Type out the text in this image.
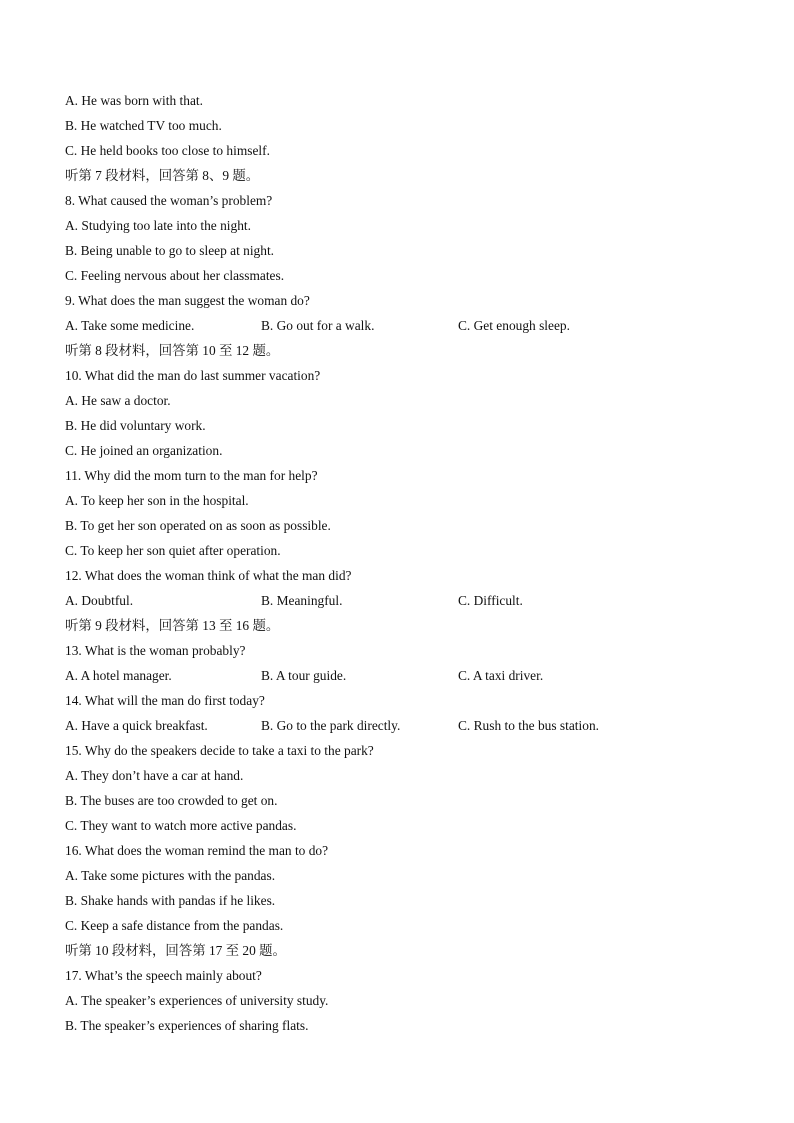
A. He was born with that.
B. He watched TV too much.
C. He held books too close to himself.
听第 7 段材料，回答第 8、9 题。
8. What caused the woman’s problem?
A. Studying too late into the night.
B. Being unable to go to sleep at night.
C. Feeling nervous about her classmates.
9. What does the man suggest the woman do?
A. Take some medicine.	B. Go out for a walk.	C. Get enough sleep.
听第 8 段材料，回答第 10 至 12 题。
10. What did the man do last summer vacation?
A. He saw a doctor.
B. He did voluntary work.
C. He joined an organization.
11. Why did the mom turn to the man for help?
A. To keep her son in the hospital.
B. To get her son operated on as soon as possible.
C. To keep her son quiet after operation.
12. What does the woman think of what the man did?
A. Doubtful.	B. Meaningful.	C. Difficult.
听第 9 段材料，回答第 13 至 16 题。
13. What is the woman probably?
A. A hotel manager.	B. A tour guide.	C. A taxi driver.
14. What will the man do first today?
A. Have a quick breakfast.	B. Go to the park directly.	C. Rush to the bus station.
15. Why do the speakers decide to take a taxi to the park?
A. They don’t have a car at hand.
B. The buses are too crowded to get on.
C. They want to watch more active pandas.
16. What does the woman remind the man to do?
A. Take some pictures with the pandas.
B. Shake hands with pandas if he likes.
C. Keep a safe distance from the pandas.
听第 10 段材料，回答第 17 至 20 题。
17. What’s the speech mainly about?
A. The speaker’s experiences of university study.
B. The speaker’s experiences of sharing flats.
